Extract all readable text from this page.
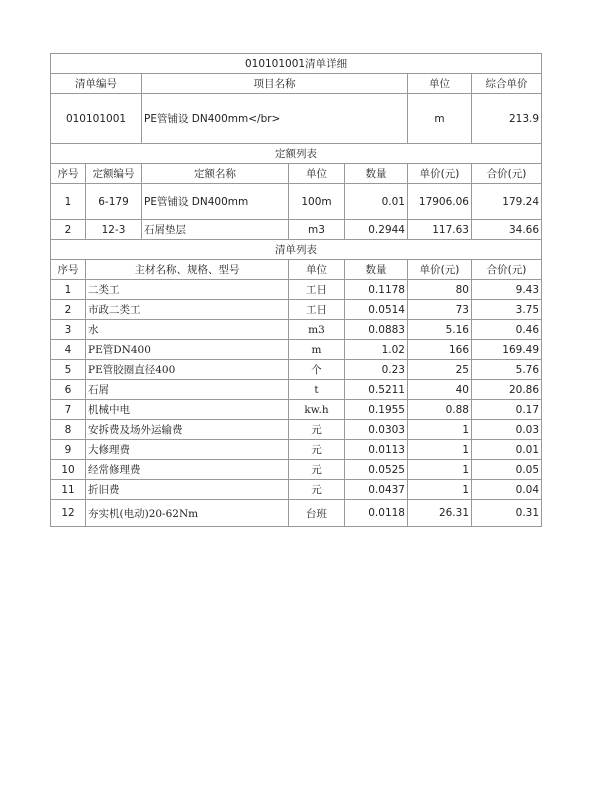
010101001清单详细						
清单编号		项目名称			单位	综合单价
010101001		PE管铺设 DN400mm</br>			m	213.9
定额列表						
序号	定额编号	定额名称	单位	数量	单价(元)	合价(元)
1	6-179	PE管铺设 DN400mm	100m	0.01	17906.06	179.24
2	12-3	石屑垫层	m3	0.2944	117.63	34.66
清单列表						
序号	主材名称、规格、型号		单位	数量	单价(元)	合价(元)
1	二类工		工日	0.1178	80	9.43
2	市政二类工		工日	0.0514	73	3.75
3	水		m3	0.0883	5.16	0.46
4	PE管DN400		m	1.02	166	169.49
5	PE管胶圈直径400		个	0.23	25	5.76
6	石屑		t	0.5211	40	20.86
7	机械中电		kw.h	0.1955	0.88	0.17
8	安拆费及场外运输费		元	0.0303	1	0.03
9	大修理费		元	0.0113	1	0.01
10	经常修理费		元	0.0525	1	0.05
11	折旧费		元	0.0437	1	0.04
12	夯实机(电动)20-62Nm		台班	0.0118	26.31	0.31
